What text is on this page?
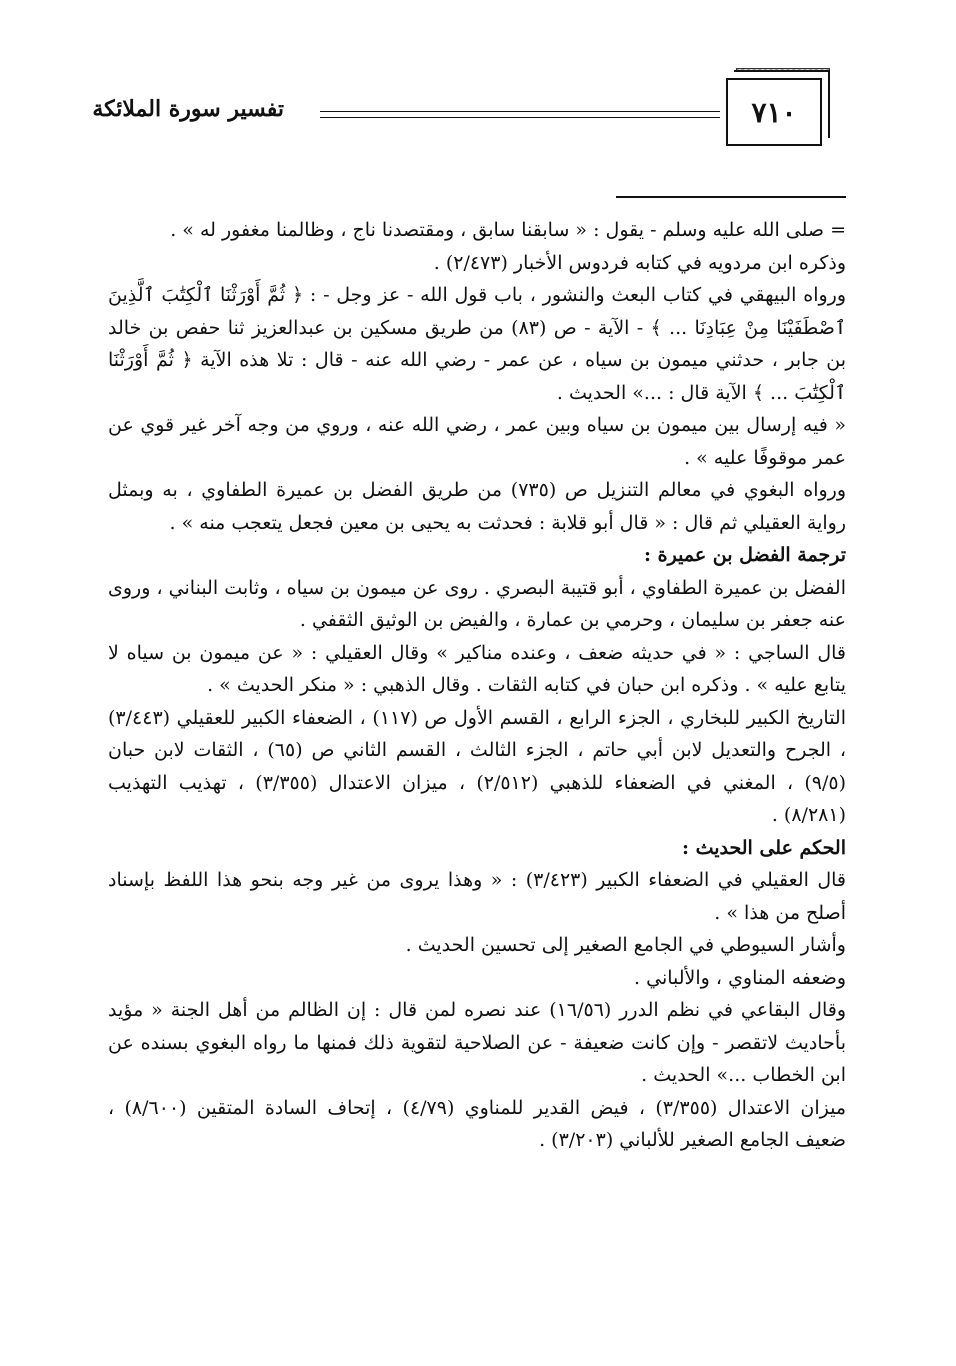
٧١٠
تفسير سورة الملائكة

= صلى الله عليه وسلم - يقول : « سابقنا سابق ، ومقتصدنا ناج ، وظالمنا مغفور له » .

وذكره ابن مردويه في كتابه فردوس الأخبار (٢/٤٧٣) .

ورواه البيهقي في كتاب البعث والنشور ، باب قول الله - عز وجل - : ﴿ ثُمَّ أَوْرَثْنَا ٱلْكِتَٰبَ ٱلَّذِينَ ٱصْطَفَيْنَا مِنْ عِبَادِنَا ... ﴾ - الآية - ص (٨٣) من طريق مسكين بن عبدالعزيز ثنا حفص بن خالد بن جابر ، حدثني ميمون بن سياه ، عن عمر - رضي الله عنه - قال : تلا هذه الآية ﴿ ثُمَّ أَوْرَثْنَا ٱلْكِتَٰبَ ... ﴾ الآية قال : ...» الحديث .

« فيه إرسال بين ميمون بن سياه وبين عمر ، رضي الله عنه ، وروي من وجه آخر غير قوي عن عمر موقوفًا عليه » .

ورواه البغوي في معالم التنزيل ص (٧٣٥) من طريق الفضل بن عميرة الطفاوي ، به وبمثل رواية العقيلي ثم قال : « قال أبو قلابة : فحدثت به يحيى بن معين فجعل يتعجب منه » .

ترجمة الفضل بن عميرة :

الفضل بن عميرة الطفاوي ، أبو قتيبة البصري . روى عن ميمون بن سياه ، وثابت البناني ، وروى عنه جعفر بن سليمان ، وحرمي بن عمارة ، والفيض بن الوثيق الثقفي .

قال الساجي : « في حديثه ضعف ، وعنده مناكير » وقال العقيلي : « عن ميمون بن سياه لا يتابع عليه » . وذكره ابن حبان في كتابه الثقات . وقال الذهبي : « منكر الحديث » .

التاريخ الكبير للبخاري ، الجزء الرابع ، القسم الأول ص (١١٧) ، الضعفاء الكبير للعقيلي (٣/٤٤٣) ، الجرح والتعديل لابن أبي حاتم ، الجزء الثالث ، القسم الثاني ص (٦٥) ، الثقات لابن حبان (٩/٥) ، المغني في الضعفاء للذهبي (٢/٥١٢) ، ميزان الاعتدال (٣/٣٥٥) ، تهذيب التهذيب (٨/٢٨١) .

الحكم على الحديث :

قال العقيلي في الضعفاء الكبير (٣/٤٢٣) : « وهذا يروى من غير وجه بنحو هذا اللفظ بإسناد أصلح من هذا » .

وأشار السيوطي في الجامع الصغير إلى تحسين الحديث .

وضعفه المناوي ، والألباني .

وقال البقاعي في نظم الدرر (١٦/٥٦) عند نصره لمن قال : إن الظالم من أهل الجنة « مؤيد بأحاديث لاتقصر - وإن كانت ضعيفة - عن الصلاحية لتقوية ذلك فمنها ما رواه البغوي بسنده عن ابن الخطاب ...» الحديث .

ميزان الاعتدال (٣/٣٥٥) ، فيض القدير للمناوي (٤/٧٩) ، إتحاف السادة المتقين (٨/٦٠٠) ، ضعيف الجامع الصغير للألباني (٣/٢٠٣) .
